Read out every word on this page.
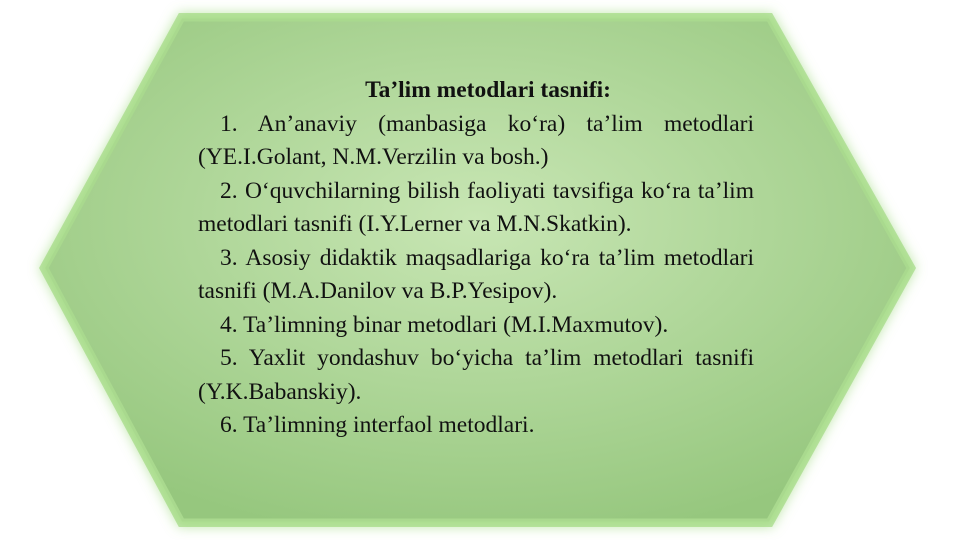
Ta’lim metodlari tasnifi:

1. An’anaviy (manbasiga ko‘ra) ta’lim metodlari (YE.I.Golant, N.M.Verzilin va bosh.)

2. O‘quvchilarning bilish faoliyati tavsifiga ko‘ra ta’lim metodlari tasnifi (I.Y.Lerner va M.N.Skatkin).

3. Asosiy didaktik maqsadlariga ko‘ra ta’lim metodlari tasnifi (M.A.Danilov va B.P.Yesipov).

4. Ta’limning binar metodlari (M.I.Maxmutov).

5. Yaxlit yondashuv bo‘yicha ta’lim metodlari tasnifi (Y.K.Babanskiy).

6. Ta’limning interfaol metodlari.
